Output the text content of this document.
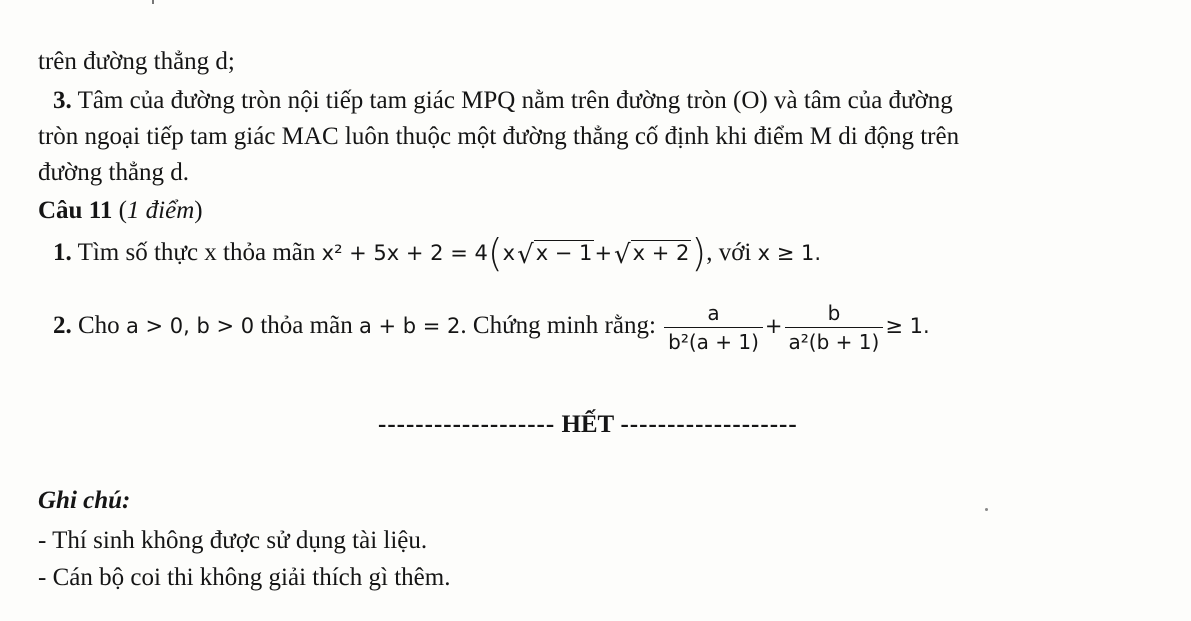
trên đường thẳng d;
3. Tâm của đường tròn nội tiếp tam giác MPQ nằm trên đường tròn (O) và tâm của đường
tròn ngoại tiếp tam giác MAC luôn thuộc một đường thẳng cố định khi điểm M di động trên
đường thẳng d.
Câu 11 (1 điểm)
1. Tìm số thực x thỏa mãn x² + 5x + 2 = 4(x√x − 1+√x + 2), với x ≥ 1.
2. Cho a > 0, b > 0 thỏa mãn a + b = 2. Chứng minh rằng: $\frac{a}{\text{b²(a + 1)}} + \frac{b}{\text{a²(b + 1)}} \ge 1$.
------------------- HẾT -------------------
Ghi chú:
- Thí sinh không được sử dụng tài liệu.
- Cán bộ coi thi không giải thích gì thêm.
